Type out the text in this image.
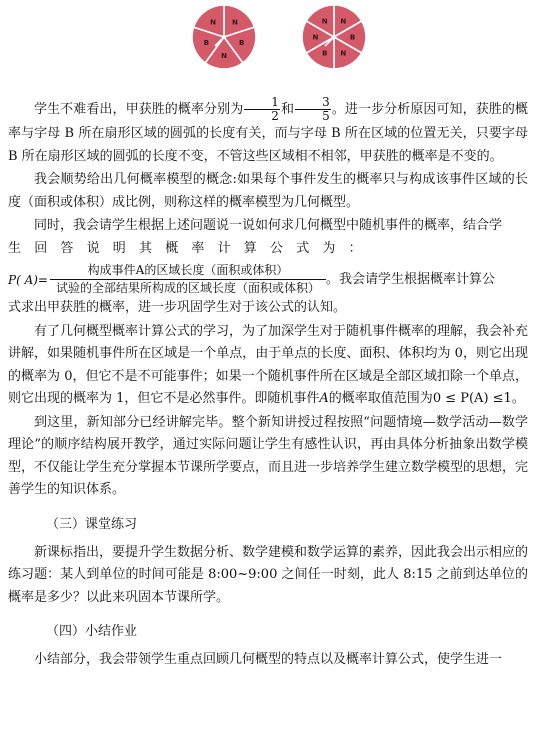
N
B
N
B
N	N
B
N
B
N
N

学生不难看出，甲获胜的概率分别为 $\frac{1}{2}$ 和 $\frac{3}{5}$ 。进一步分析原因可知，获胜的概率与字母 B 所在扇形区域的圆弧的长度有关，而与字母 B 所在区域的位置无关，只要字母 B 所在扇形区域的圆弧的长度不变，不管这些区域相不相邻，甲获胜的概率是不变的。

我会顺势给出几何概率模型的概念:如果每个事件发生的概率只与构成该事件区域的长度（面积或体积）成比例，则称这样的概率模型为几何概型。

同时，我会请学生根据上述问题说一说如何求几何概型中随机事件的概率，结合学

生回答说明其概率计算公式为：

P( $A)= \frac{\text{构成事件A的区域长度（面积或体积）}}{\text{试验的全部结果所构成的区域长度（面积或体积）}}$ 。我会请学生根据概率计算公

式求出甲获胜的概率，进一步巩固学生对于该公式的认知。

有了几何概型概率计算公式的学习，为了加深学生对于随机事件概率的理解，我会补充讲解，如果随机事件所在区域是一个单点，由于单点的长度、面积、体积均为 0，则它出现的概率为 0，但它不是不可能事件；如果一个随机事件所在区域是全部区域扣除一个单点，则它出现的概率为 1，但它不是必然事件。即随机事件A的概率取值范围为0 ≤ P(A) ≤1。

到这里，新知部分已经讲解完毕。整个新知讲授过程按照“问题情境—数学活动—数学理论”的顺序结构展开教学，通过实际问题让学生有感性认识，再由具体分析抽象出数学模型，不仅能让学生充分掌握本节课所学要点，而且进一步培养学生建立数学模型的思想，完善学生的知识体系。

（三）课堂练习

新课标指出，要提升学生数据分析、数学建模和数学运算的素养，因此我会出示相应的练习题：某人到单位的时间可能是 8:00~9:00 之间任一时刻，此人 8:15 之前到达单位的概率是多少？以此来巩固本节课所学。

（四）小结作业

小结部分，我会带领学生重点回顾几何概型的特点以及概率计算公式，使学生进一
